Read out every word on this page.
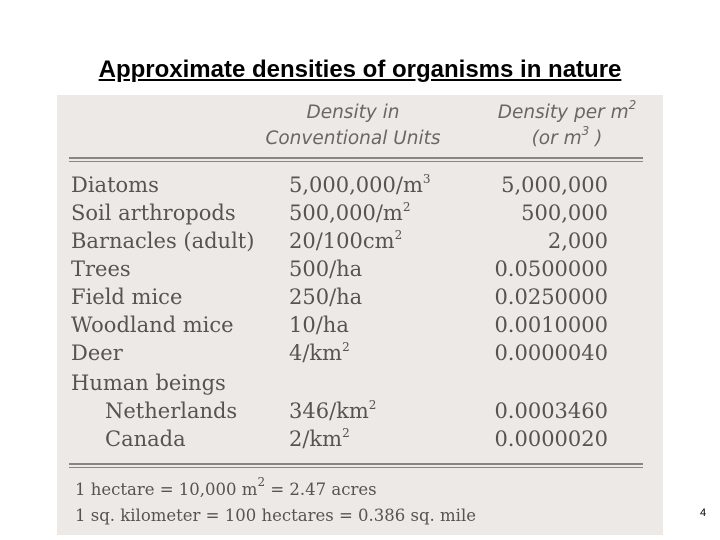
Approximate densities of organisms in nature
Density in
Conventional Units
Density per $m^2$
(or $m^3$ )
Diatoms	$5,000,000/m^3$	5,000,000
Soil arthropods	$500,000/m^2$	500,000
Barnacles (adult) $20/100cm^2$	2,000
Trees	500/ha	0.0500000
Field mice	250/ha	0.0250000
Woodland mice	10/ha	0.0010000
Deer	$4/km^2$	0.0000040
Human beings
Netherlands $346/km^2$	0.0003460
Canada	$2/km^2$	0.0000020
1 hectare = 10,000 $m^2 = 2.47$ acres
1 sq. kilometer = 100 hectares = 0.386 sq. mile	4
